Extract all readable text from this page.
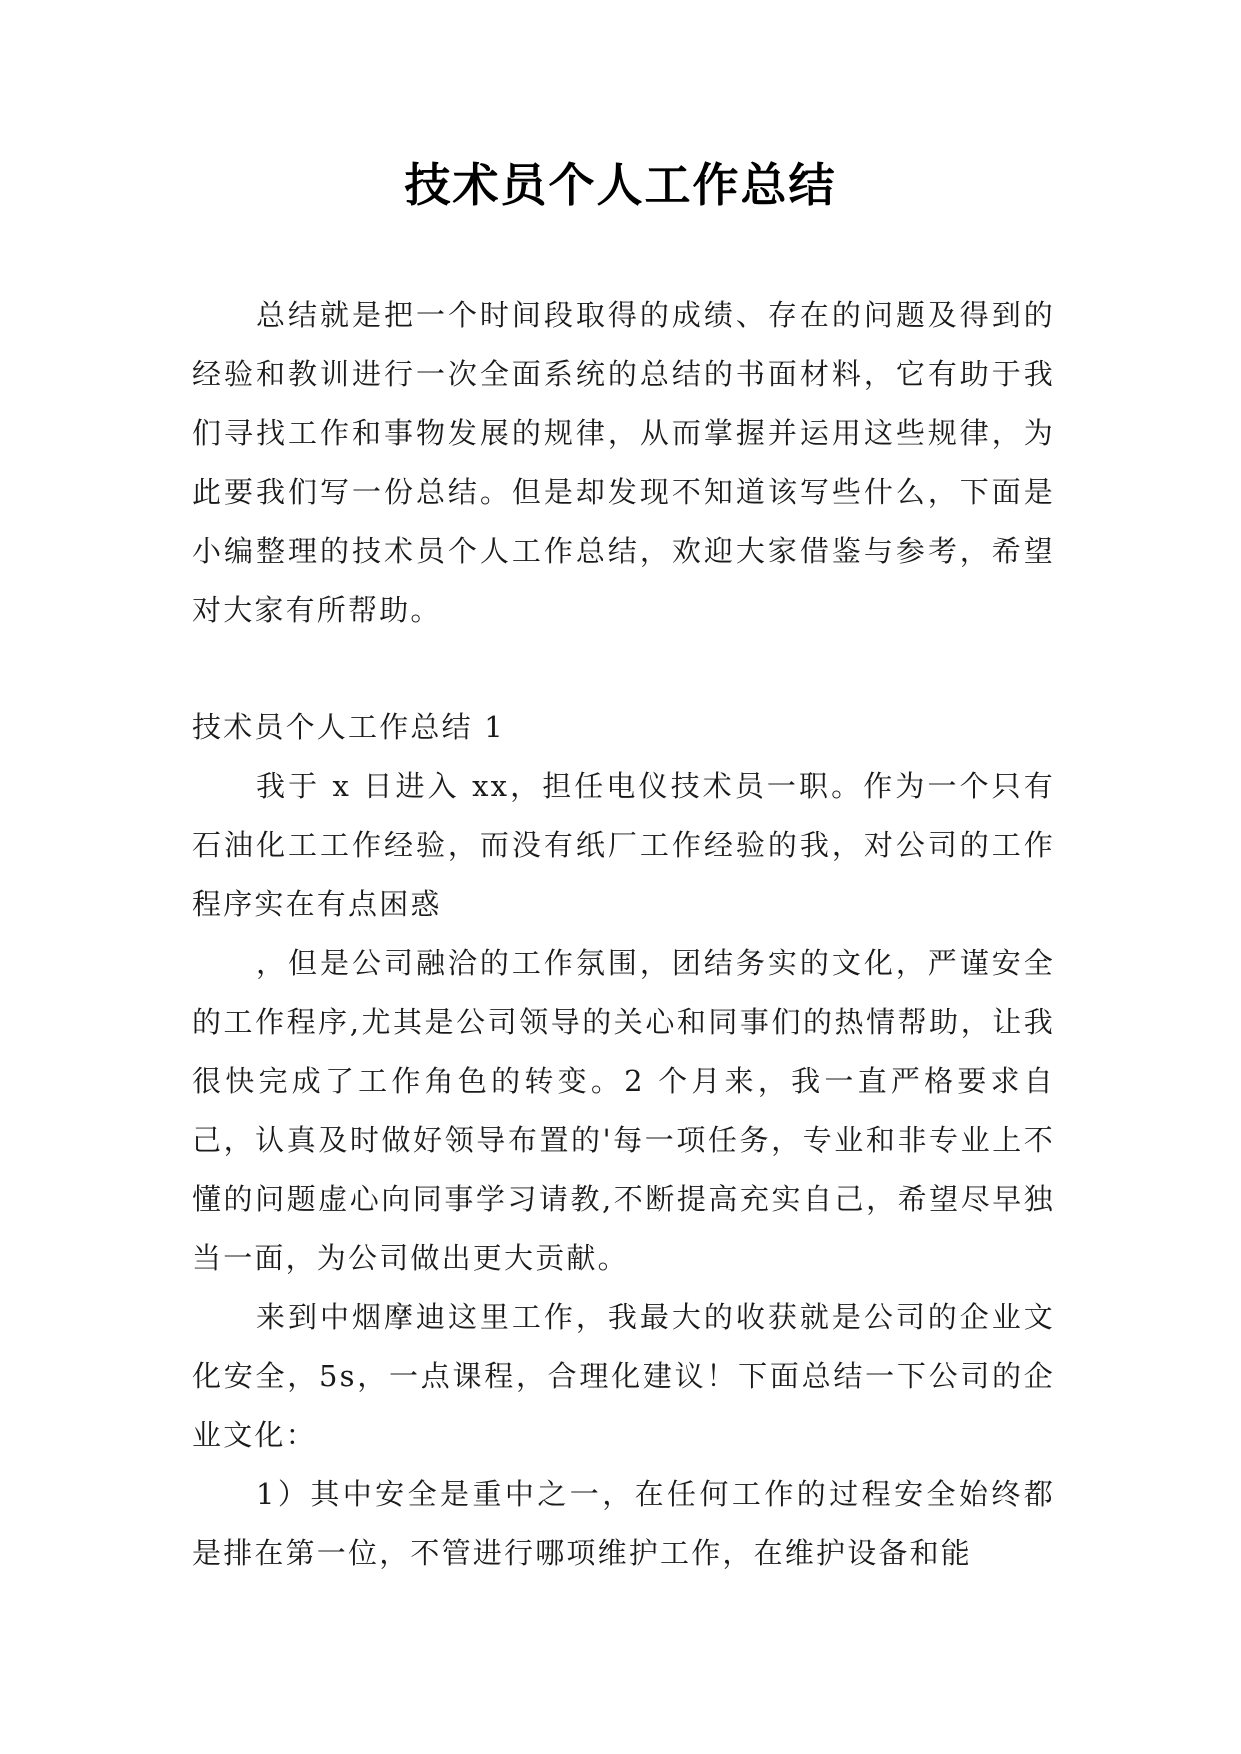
技术员个人工作总结

总结就是把一个时间段取得的成绩、存在的问题及得到的经验和教训进行一次全面系统的总结的书面材料，它有助于我们寻找工作和事物发展的规律，从而掌握并运用这些规律，为此要我们写一份总结。但是却发现不知道该写些什么，下面是小编整理的技术员个人工作总结，欢迎大家借鉴与参考，希望对大家有所帮助。

技术员个人工作总结 1

我于 x 日进入 xx，担任电仪技术员一职。作为一个只有石油化工工作经验，而没有纸厂工作经验的我，对公司的工作程序实在有点困惑

，但是公司融洽的工作氛围，团结务实的文化，严谨安全的工作程序,尤其是公司领导的关心和同事们的热情帮助，让我很快完成了工作角色的转变。2 个月来，我一直严格要求自己，认真及时做好领导布置的'每一项任务，专业和非专业上不懂的问题虚心向同事学习请教,不断提高充实自己，希望尽早独当一面，为公司做出更大贡献。

来到中烟摩迪这里工作，我最大的收获就是公司的企业文化安全，5s，一点课程，合理化建议！下面总结一下公司的企业文化：

1）其中安全是重中之一，在任何工作的过程安全始终都是排在第一位，不管进行哪项维护工作，在维护设备和能
